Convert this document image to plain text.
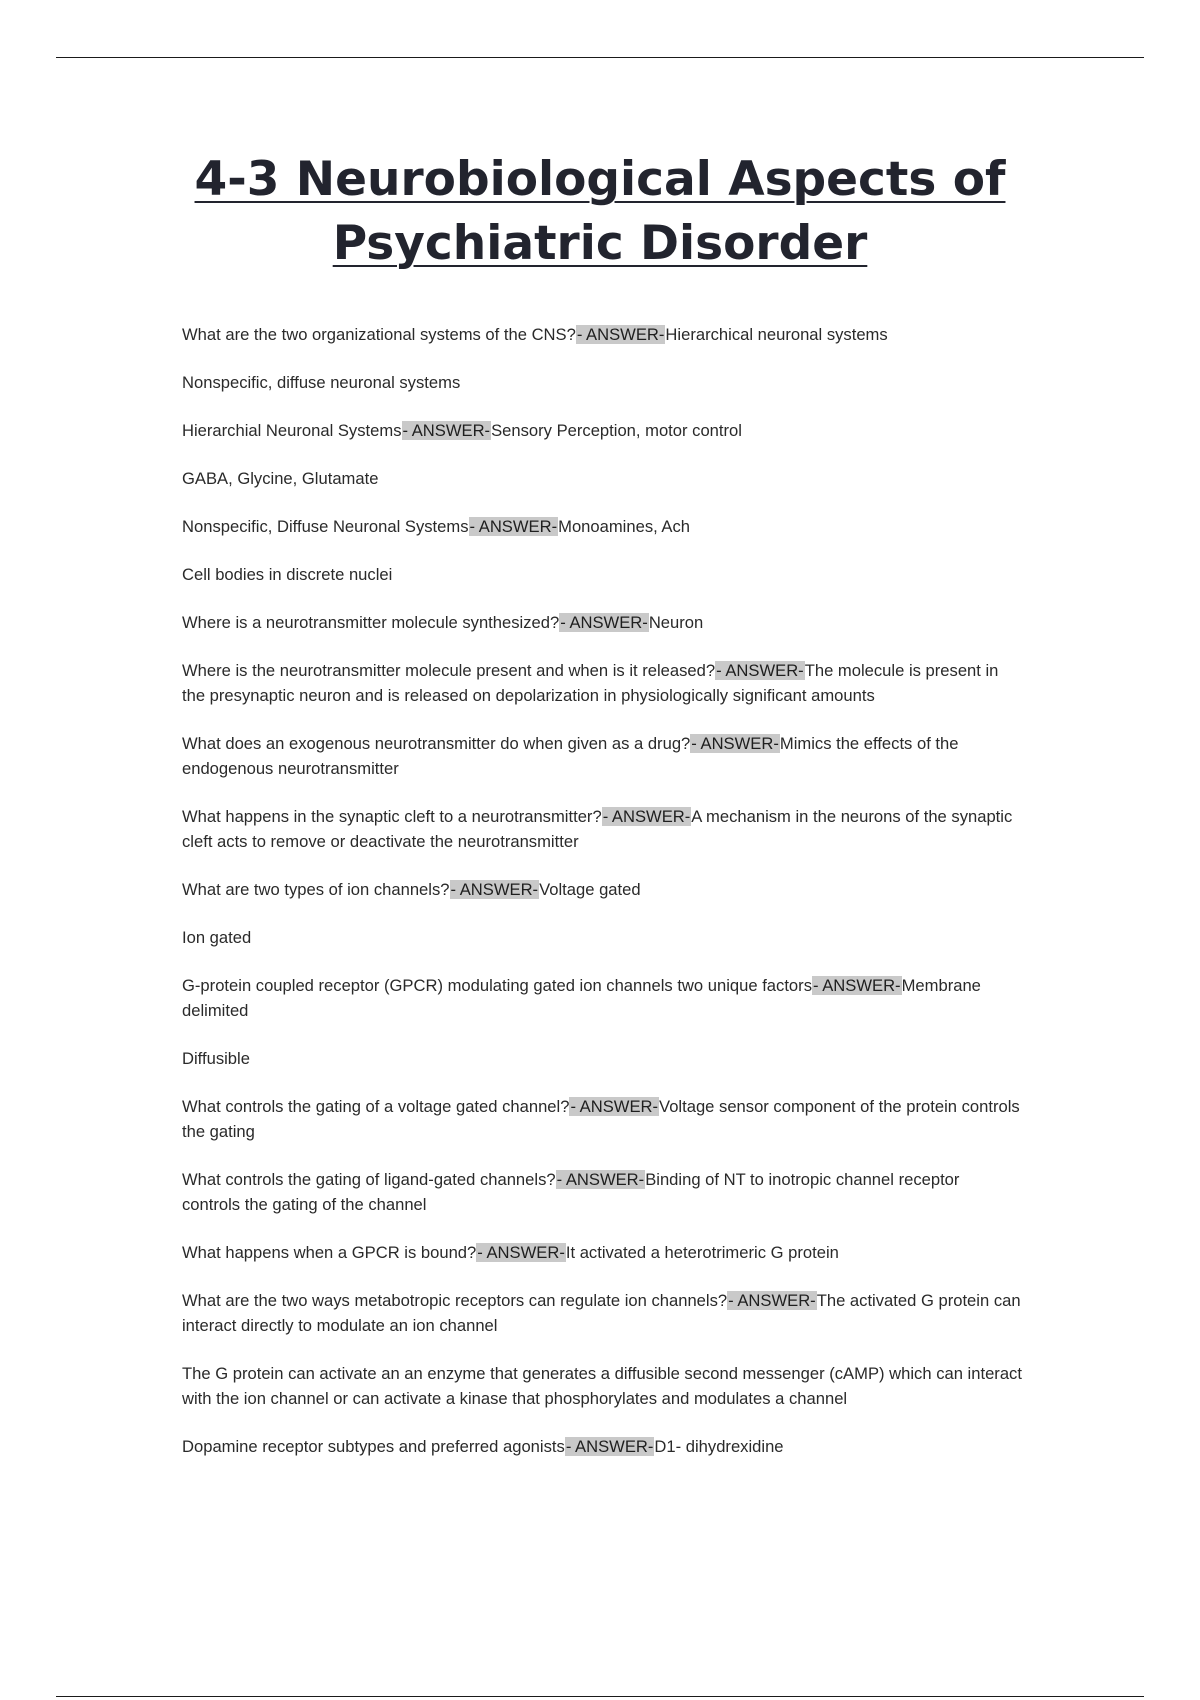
4-3 Neurobiological Aspects of
Psychiatric Disorder

What are the two organizational systems of the CNS?- ANSWER-Hierarchical neuronal systems

Nonspecific, diffuse neuronal systems

Hierarchial Neuronal Systems- ANSWER-Sensory Perception, motor control

GABA, Glycine, Glutamate

Nonspecific, Diffuse Neuronal Systems- ANSWER-Monoamines, Ach

Cell bodies in discrete nuclei

Where is a neurotransmitter molecule synthesized?- ANSWER-Neuron

Where is the neurotransmitter molecule present and when is it released?- ANSWER-The molecule is present in the presynaptic neuron and is released on depolarization in physiologically significant amounts

What does an exogenous neurotransmitter do when given as a drug?- ANSWER-Mimics the effects of the endogenous neurotransmitter

What happens in the synaptic cleft to a neurotransmitter?- ANSWER-A mechanism in the neurons of the synaptic cleft acts to remove or deactivate the neurotransmitter

What are two types of ion channels?- ANSWER-Voltage gated

Ion gated

G-protein coupled receptor (GPCR) modulating gated ion channels two unique factors- ANSWER-Membrane delimited

Diffusible

What controls the gating of a voltage gated channel?- ANSWER-Voltage sensor component of the protein controls the gating

What controls the gating of ligand-gated channels?- ANSWER-Binding of NT to inotropic channel receptor controls the gating of the channel

What happens when a GPCR is bound?- ANSWER-It activated a heterotrimeric G protein

What are the two ways metabotropic receptors can regulate ion channels?- ANSWER-The activated G protein can interact directly to modulate an ion channel

The G protein can activate an an enzyme that generates a diffusible second messenger (cAMP) which can interact with the ion channel or can activate a kinase that phosphorylates and modulates a channel

Dopamine receptor subtypes and preferred agonists- ANSWER-D1- dihydrexidine
